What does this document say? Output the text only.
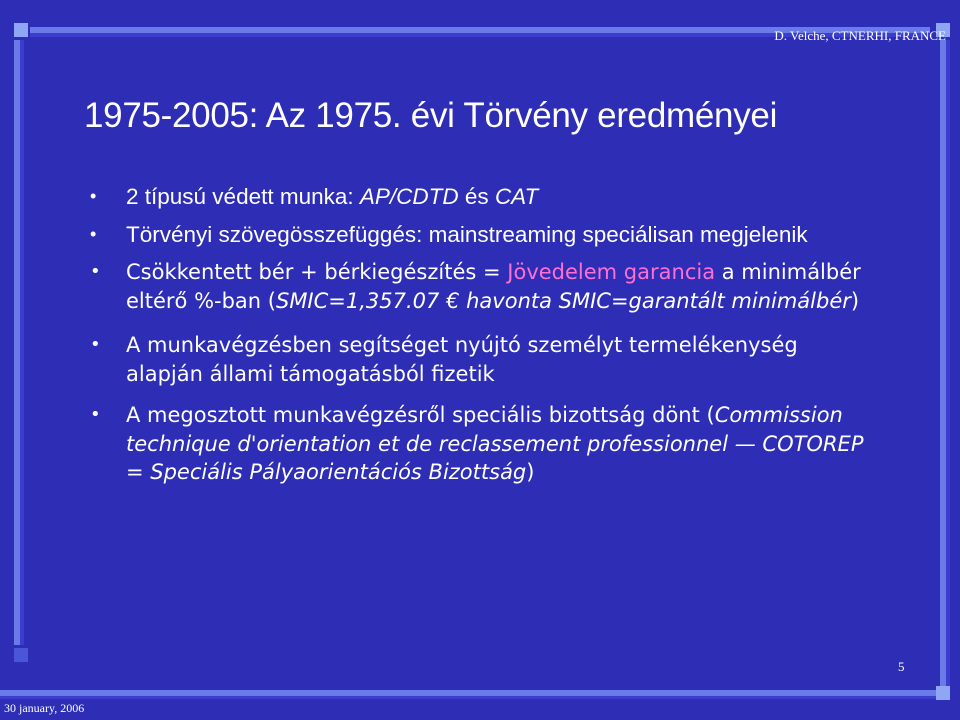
D. Velche, CTNERHI, FRANCE
1975-2005: Az 1975. évi Törvény eredményei
• 2 típusú védett munka: AP/CDTD és CAT
• Törvényi szövegösszefüggés: mainstreaming speciálisan megjelenik
• Csökkentett bér + bérkiegészítés = Jövedelem garancia a minimálbér eltérő %-ban (SMIC=1,357.07 € havonta SMIC=garantált minimálbér)
• A munkavégzésben segítséget nyújtó személyt termelékenység alapján állami támogatásból fizetik
• A megosztott munkavégzésről speciális bizottság dönt (Commission technique d'orientation et de reclassement professionnel — COTOREP = Speciális Pályaorientációs Bizottság)
5
30 january, 2006
